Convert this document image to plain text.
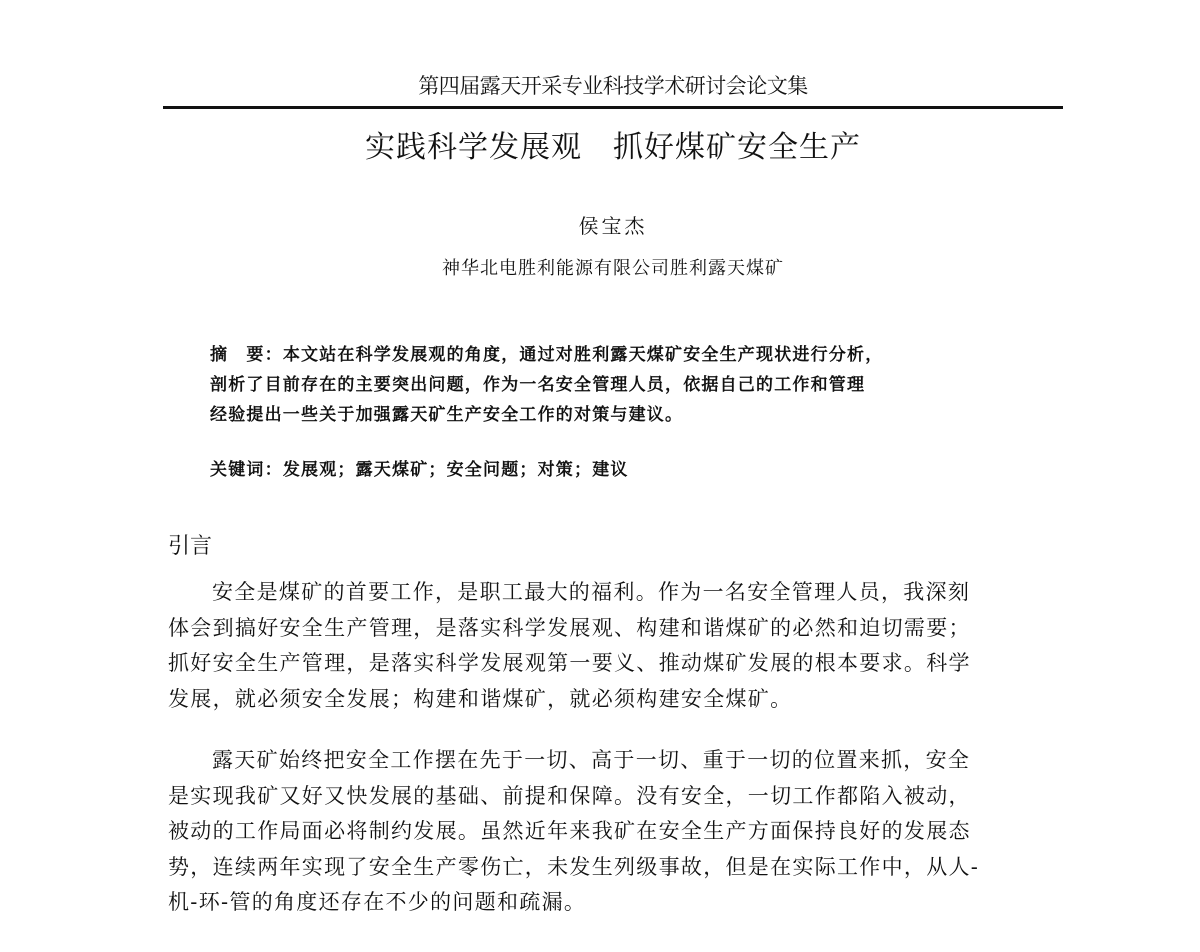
第四届露天开采专业科技学术研讨会论文集
实践科学发展观　抓好煤矿安全生产
侯宝杰
神华北电胜利能源有限公司胜利露天煤矿
摘　要：本文站在科学发展观的角度，通过对胜利露天煤矿安全生产现状进行分析，
剖析了目前存在的主要突出问题，作为一名安全管理人员，依据自己的工作和管理
经验提出一些关于加强露天矿生产安全工作的对策与建议。
关键词：发展观；露天煤矿；安全问题；对策；建议
引言
安全是煤矿的首要工作，是职工最大的福利。作为一名安全管理人员，我深刻
体会到搞好安全生产管理，是落实科学发展观、构建和谐煤矿的必然和迫切需要；
抓好安全生产管理，是落实科学发展观第一要义、推动煤矿发展的根本要求。科学
发展，就必须安全发展；构建和谐煤矿，就必须构建安全煤矿。
露天矿始终把安全工作摆在先于一切、高于一切、重于一切的位置来抓，安全
是实现我矿又好又快发展的基础、前提和保障。没有安全，一切工作都陷入被动，
被动的工作局面必将制约发展。虽然近年来我矿在安全生产方面保持良好的发展态
势，连续两年实现了安全生产零伤亡，未发生列级事故，但是在实际工作中，从人-
机-环-管的角度还存在不少的问题和疏漏。
